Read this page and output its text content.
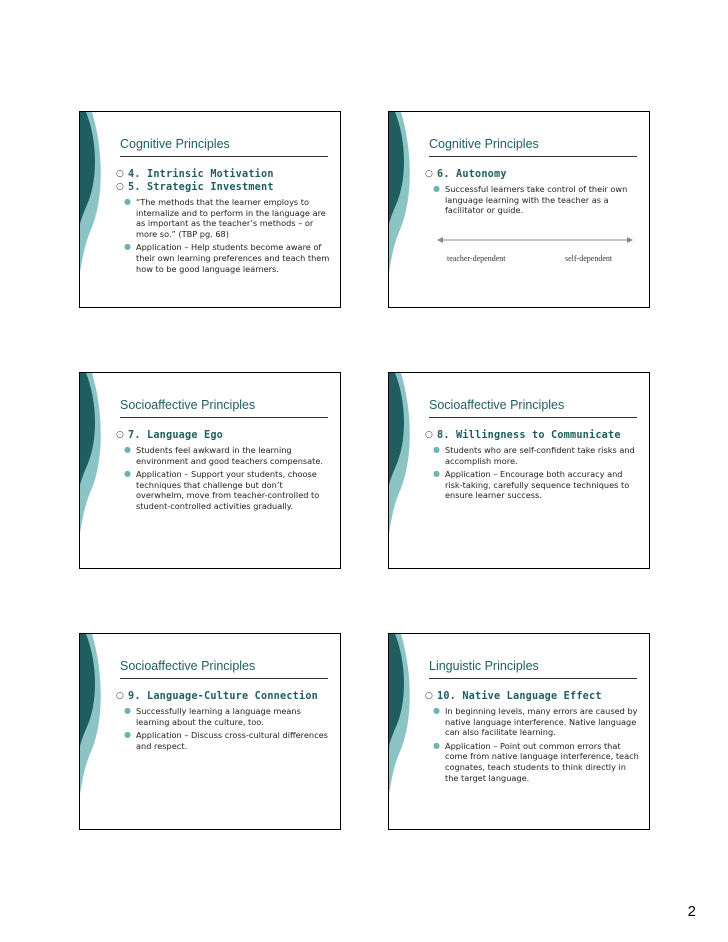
Cognitive Principles
○ 4. Intrinsic Motivation
○ 5. Strategic Investment
● “The methods that the learner employs to internalize and to perform in the language are as important as the teacher’s methods – or more so.” (TBP pg. 68)
● Application – Help students become aware of their own learning preferences and teach them how to be good language learners.
Cognitive Principles
○ 6. Autonomy
● Successful learners take control of their own language learning with the teacher as a facilitator or guide.
teacher-dependent	self-dependent
Socioaffective Principles
○ 7. Language Ego
● Students feel awkward in the learning environment and good teachers compensate.
● Application – Support your students, choose techniques that challenge but don’t overwhelm, move from teacher-controlled to student-controlled activities gradually.
Socioaffective Principles
○ 8. Willingness to Communicate
● Students who are self-confident take risks and accomplish more.
● Application – Encourage both accuracy and risk-taking, carefully sequence techniques to ensure learner success.
Socioaffective Principles
○ 9. Language-Culture Connection
● Successfully learning a language means learning about the culture, too.
● Application – Discuss cross-cultural differences and respect.
Linguistic Principles
○ 10. Native Language Effect
● In beginning levels, many errors are caused by native language interference. Native language can also facilitate learning.
● Application – Point out common errors that come from native language interference, teach cognates, teach students to think directly in the target language.
2
